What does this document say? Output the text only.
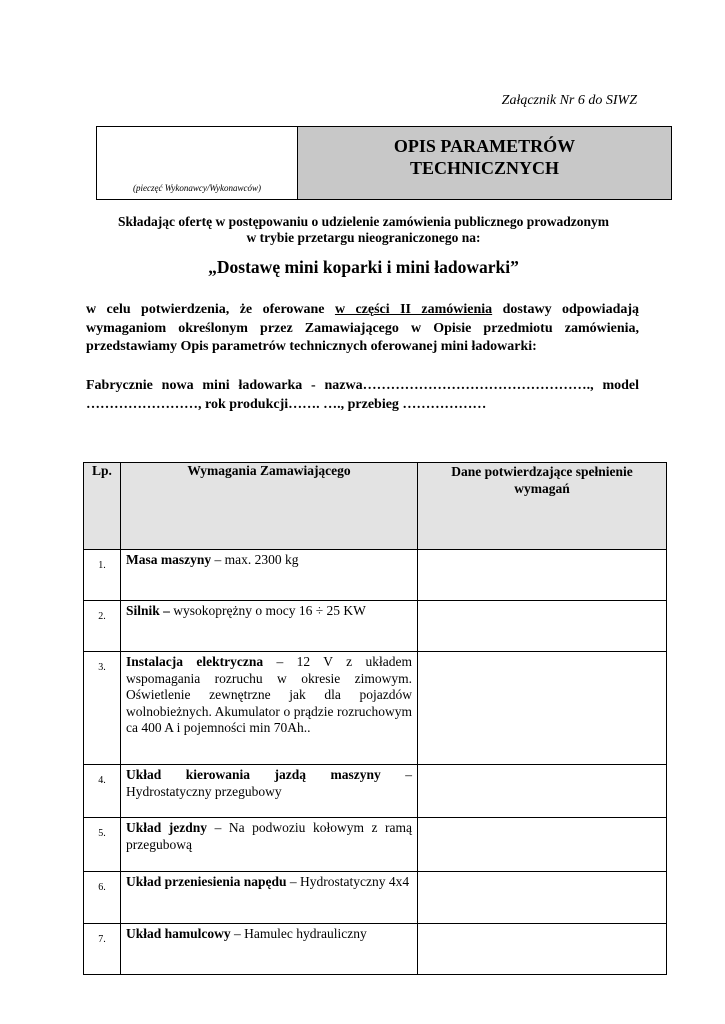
Załącznik Nr 6 do SIWZ
(pieczęć Wykonawcy/Wykonawców)
OPIS PARAMETRÓW
TECHNICZNYCH
Składając ofertę w postępowaniu o udzielenie zamówienia publicznego prowadzonym
w trybie przetargu nieograniczonego na:
„Dostawę mini koparki i mini ładowarki”
w celu potwierdzenia, że oferowane w części II zamówienia dostawy odpowiadają wymaganiom określonym przez Zamawiającego w Opisie przedmiotu zamówienia, przedstawiamy Opis parametrów technicznych oferowanej mini ładowarki:
Fabrycznie nowa mini ładowarka - nazwa…………………………………………., model ……………………, rok produkcji……. …., przebieg ………………
Lp.	Wymagania Zamawiającego	Dane potwierdzające spełnienie wymagań
1.	Masa maszyny – max. 2300 kg	
2.	Silnik – wysokoprężny o mocy 16 ÷ 25 KW	
3.	Instalacja elektryczna – 12 V z układem wspomagania rozruchu w okresie zimowym. Oświetlenie zewnętrzne jak dla pojazdów wolnobieżnych. Akumulator o prądzie rozruchowym ca 400 A i pojemności min 70Ah..	
4.	Układ kierowania jazdą maszyny – Hydrostatyczny przegubowy	
5.	Układ jezdny – Na podwoziu kołowym z ramą przegubową	
6.	Układ przeniesienia napędu – Hydrostatyczny 4x4	
7.	Układ hamulcowy – Hamulec hydrauliczny	
